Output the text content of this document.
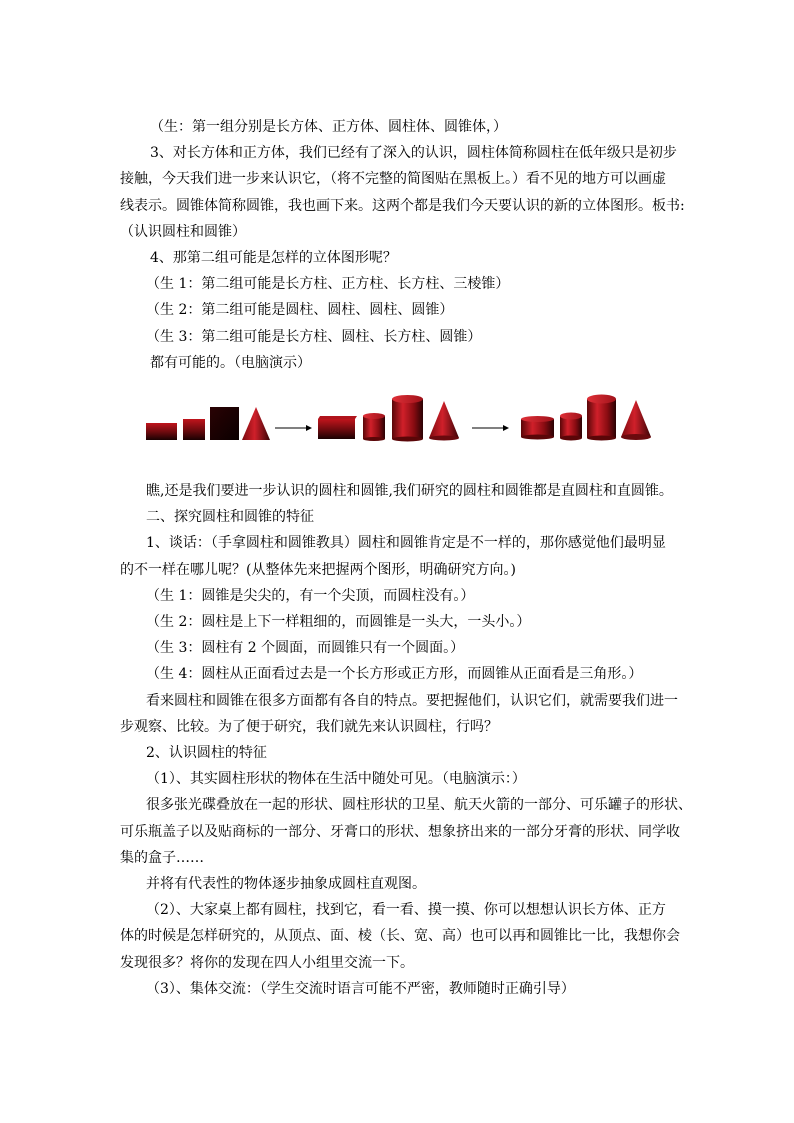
（生：第一组分别是长方体、正方体、圆柱体、圆锥体，）
3、对长方体和正方体，我们已经有了深入的认识，圆柱体简称圆柱在低年级只是初步
接触，今天我们进一步来认识它，（将不完整的简图贴在黑板上。）看不见的地方可以画虚
线表示。圆锥体简称圆锥，我也画下来。这两个都是我们今天要认识的新的立体图形。板书:
（认识圆柱和圆锥）
4、那第二组可能是怎样的立体图形呢？
（生 1：第二组可能是长方柱、正方柱、长方柱、三棱锥）
（生 2：第二组可能是圆柱、圆柱、圆柱、圆锥）
（生 3：第二组可能是长方柱、圆柱、长方柱、圆锥）
都有可能的。（电脑演示）
瞧,还是我们要进一步认识的圆柱和圆锥,我们研究的圆柱和圆锥都是直圆柱和直圆锥。
二、探究圆柱和圆锥的特征
1、谈话：（手拿圆柱和圆锥教具）圆柱和圆锥肯定是不一样的，那你感觉他们最明显
的不一样在哪儿呢？(从整体先来把握两个图形，明确研究方向。)
（生 1：圆锥是尖尖的，有一个尖顶，而圆柱没有。）
（生 2：圆柱是上下一样粗细的，而圆锥是一头大，一头小。）
（生 3：圆柱有 2 个圆面，而圆锥只有一个圆面。）
（生 4：圆柱从正面看过去是一个长方形或正方形，而圆锥从正面看是三角形。）
看来圆柱和圆锥在很多方面都有各自的特点。要把握他们，认识它们，就需要我们进一
步观察、比较。为了便于研究，我们就先来认识圆柱，行吗？
2、认识圆柱的特征
（1）、其实圆柱形状的物体在生活中随处可见。（电脑演示：）
很多张光碟叠放在一起的形状、圆柱形状的卫星、航天火箭的一部分、可乐罐子的形状、
可乐瓶盖子以及贴商标的一部分、牙膏口的形状、想象挤出来的一部分牙膏的形状、同学收
集的盒子……
并将有代表性的物体逐步抽象成圆柱直观图。
（2）、大家桌上都有圆柱，找到它，看一看、摸一摸、你可以想想认识长方体、正方
体的时候是怎样研究的，从顶点、面、棱（长、宽、高）也可以再和圆锥比一比，我想你会
发现很多？将你的发现在四人小组里交流一下。
（3）、集体交流：（学生交流时语言可能不严密，教师随时正确引导）
